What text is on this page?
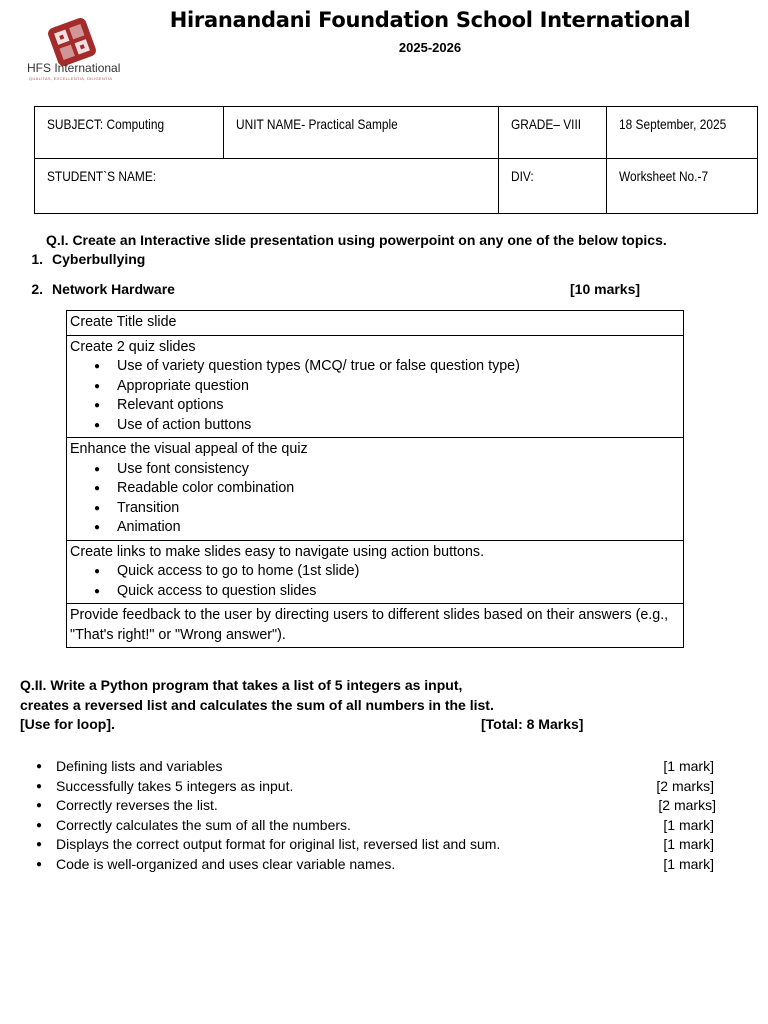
HFS International
QUALITAS, EXCELLENTIA, DILIGENTIA
Hiranandani Foundation School International
2025-2026
SUBJECT: Computing	UNIT NAME- Practical Sample	GRADE– VIII	18 September, 2025
STUDENT`S NAME:		DIV:	Worksheet No.-7
Q.I. Create an Interactive slide presentation using powerpoint on any one of the below topics.
1. Cyberbullying
2. Network Hardware	[10 marks]
Create Title slide

Create 2 quiz slides
● Use of variety question types (MCQ/ true or false question type)
● Appropriate question
● Relevant options
● Use of action buttons

Enhance the visual appeal of the quiz
● Use font consistency
● Readable color combination
● Transition
● Animation

Create links to make slides easy to navigate using action buttons.
● Quick access to go to home (1st slide)
● Quick access to question slides

Provide feedback to the user by directing users to different slides based on their answers (e.g., "That's right!" or "Wrong answer").
Q.II. Write a Python program that takes a list of 5 integers as input,
creates a reversed list and calculates the sum of all numbers in the list.
[Use for loop].	[Total: 8 Marks]
● Defining lists and variables	[1 mark]
● Successfully takes 5 integers as input.	[2 marks]
● Correctly reverses the list.	[2 marks]
● Correctly calculates the sum of all the numbers.	[1 mark]
● Displays the correct output format for original list, reversed list and sum.	[1 mark]
● Code is well-organized and uses clear variable names.	[1 mark]
